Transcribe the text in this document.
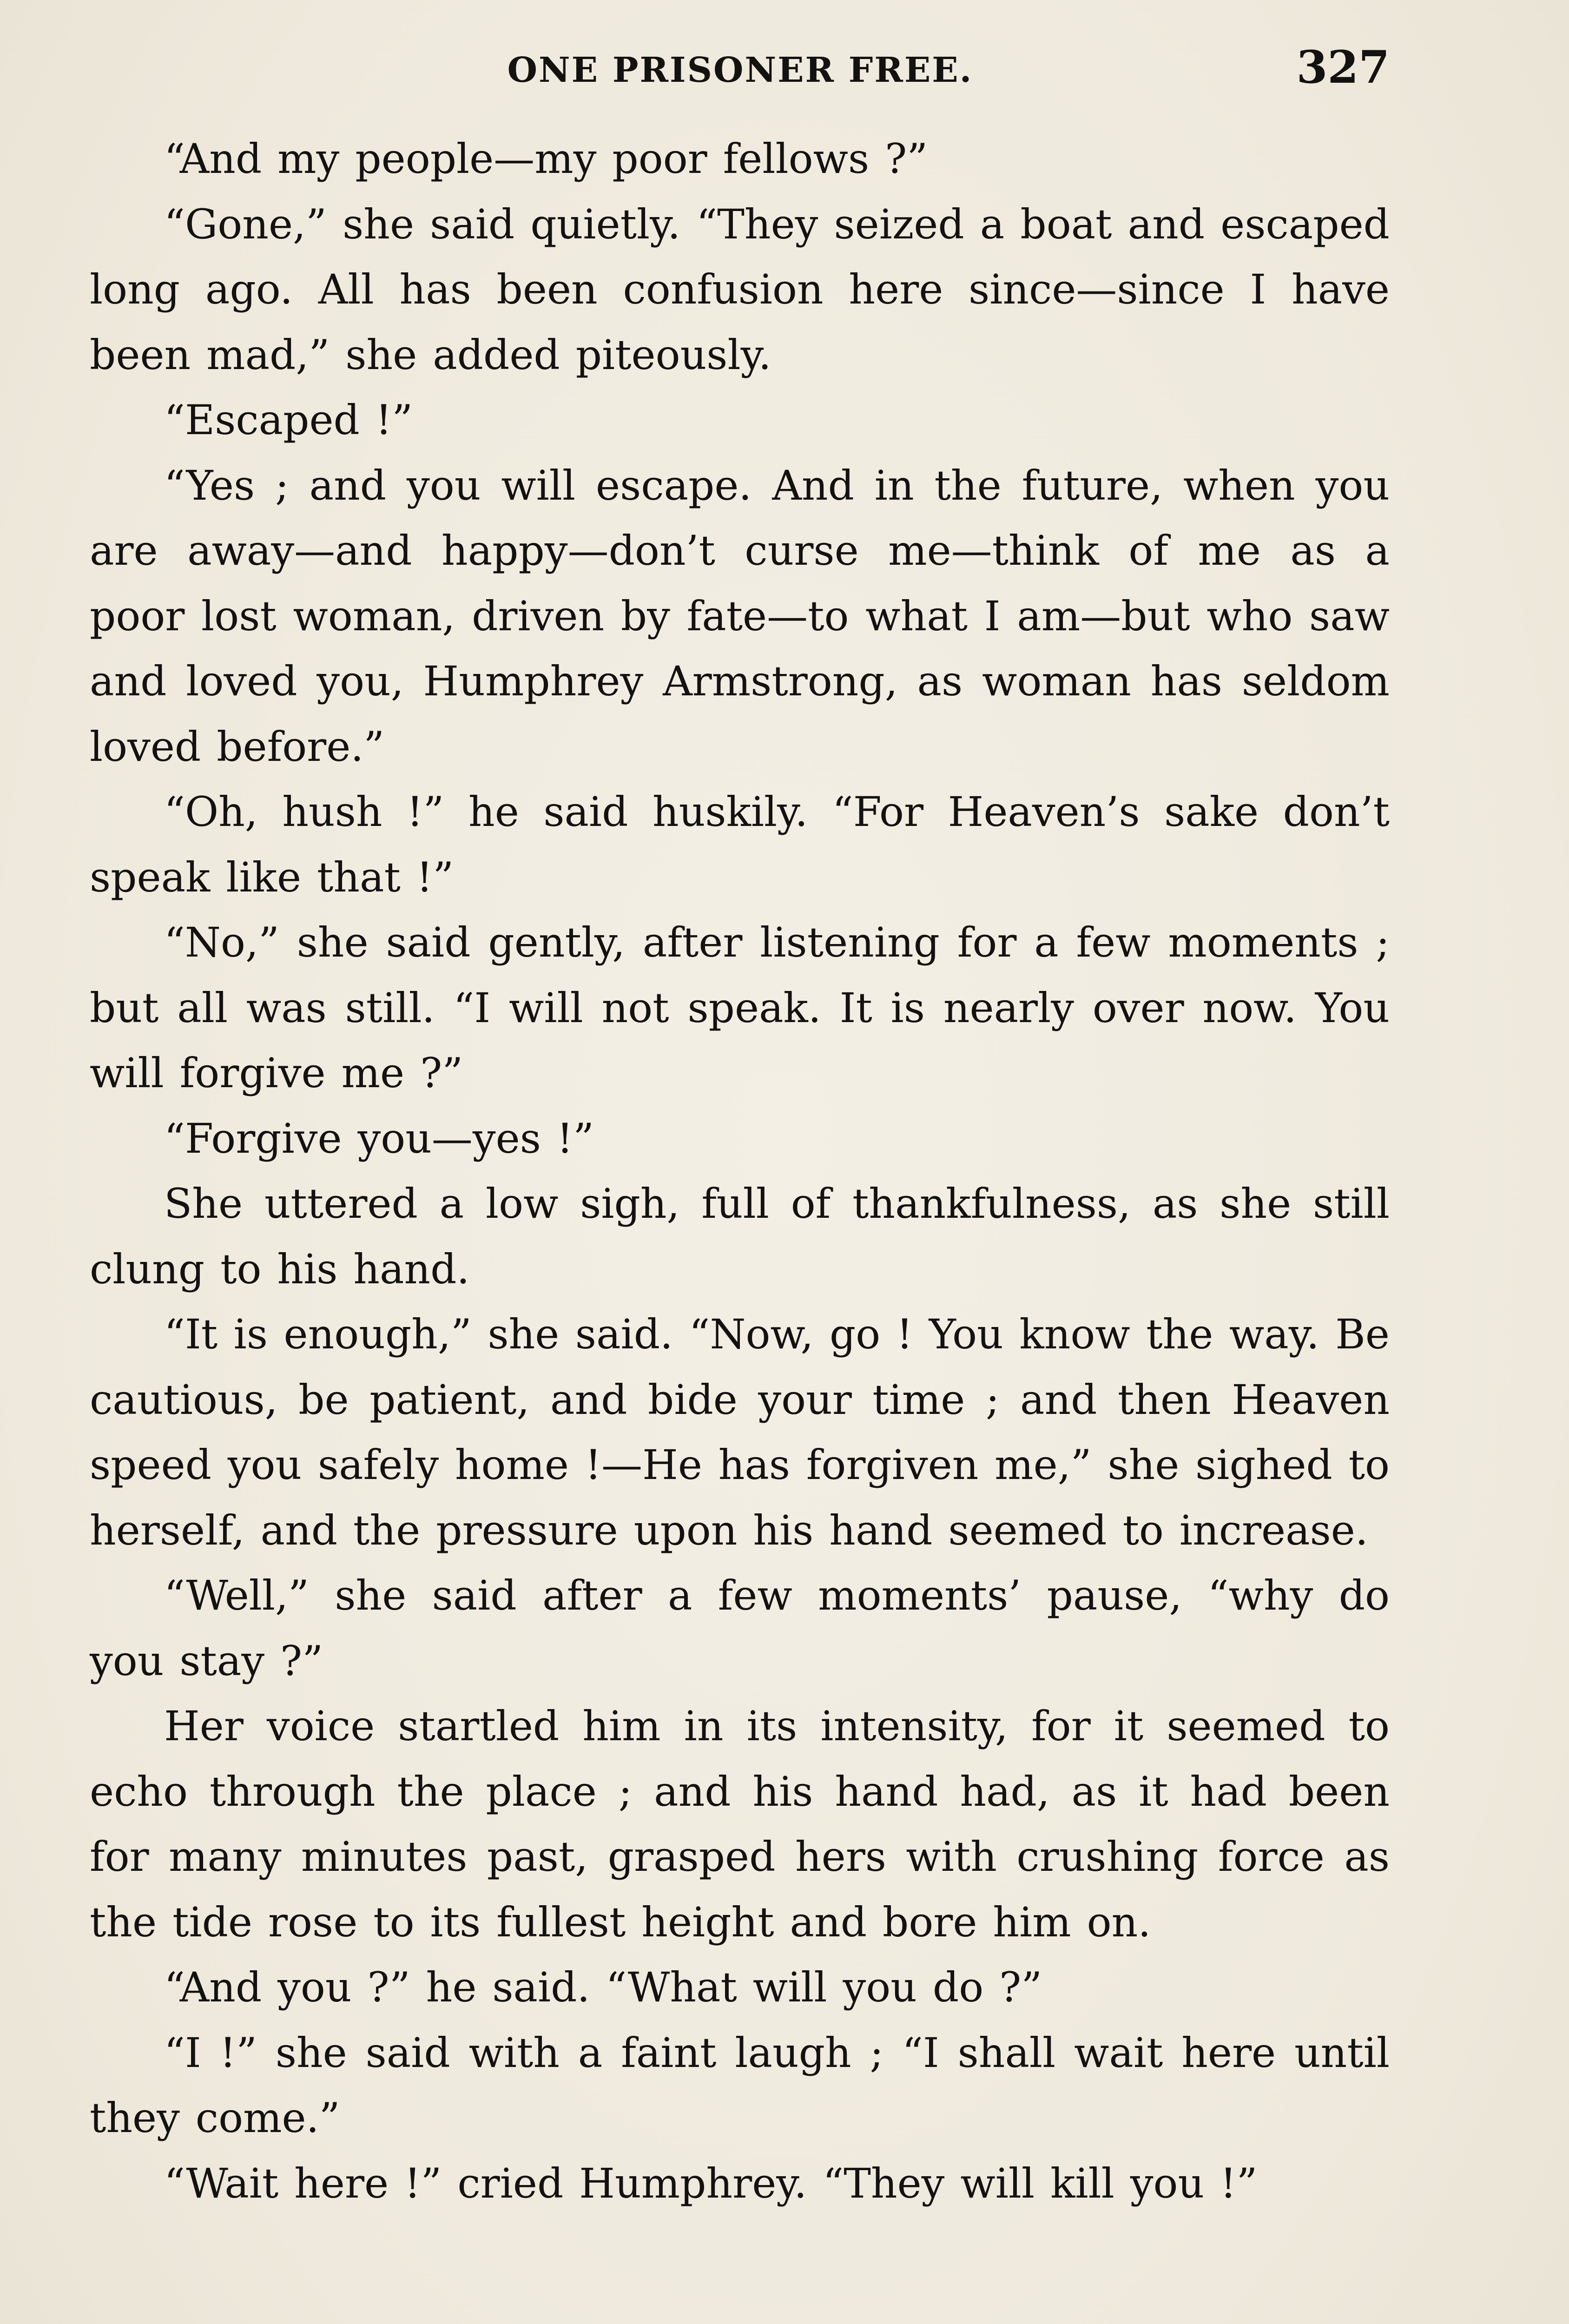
ONE PRISONER FREE.	327

“And my people—my poor fellows ?”

“Gone,” she said quietly. “They seized a boat and escaped long ago. All has been confusion here since—since I have been mad,” she added piteously.

“Escaped !”

“Yes ; and you will escape. And in the future, when you are away—and happy—don’t curse me—think of me as a poor lost woman, driven by fate—to what I am—but who saw and loved you, Humphrey Armstrong, as woman has seldom loved before.”

“Oh, hush !” he said huskily. “For Heaven’s sake don’t speak like that !”

“No,” she said gently, after listening for a few moments ; but all was still. “I will not speak. It is nearly over now. You will forgive me ?”

“Forgive you—yes !”

She uttered a low sigh, full of thankfulness, as she still clung to his hand.

“It is enough,” she said. “Now, go ! You know the way. Be cautious, be patient, and bide your time ; and then Heaven speed you safely home !—He has forgiven me,” she sighed to herself, and the pressure upon his hand seemed to increase.

“Well,” she said after a few moments’ pause, “why do you stay ?”

Her voice startled him in its intensity, for it seemed to echo through the place ; and his hand had, as it had been for many minutes past, grasped hers with crushing force as the tide rose to its fullest height and bore him on.

“And you ?” he said. “What will you do ?”

“I !” she said with a faint laugh ; “I shall wait here until they come.”

“Wait here !” cried Humphrey. “They will kill you !”
